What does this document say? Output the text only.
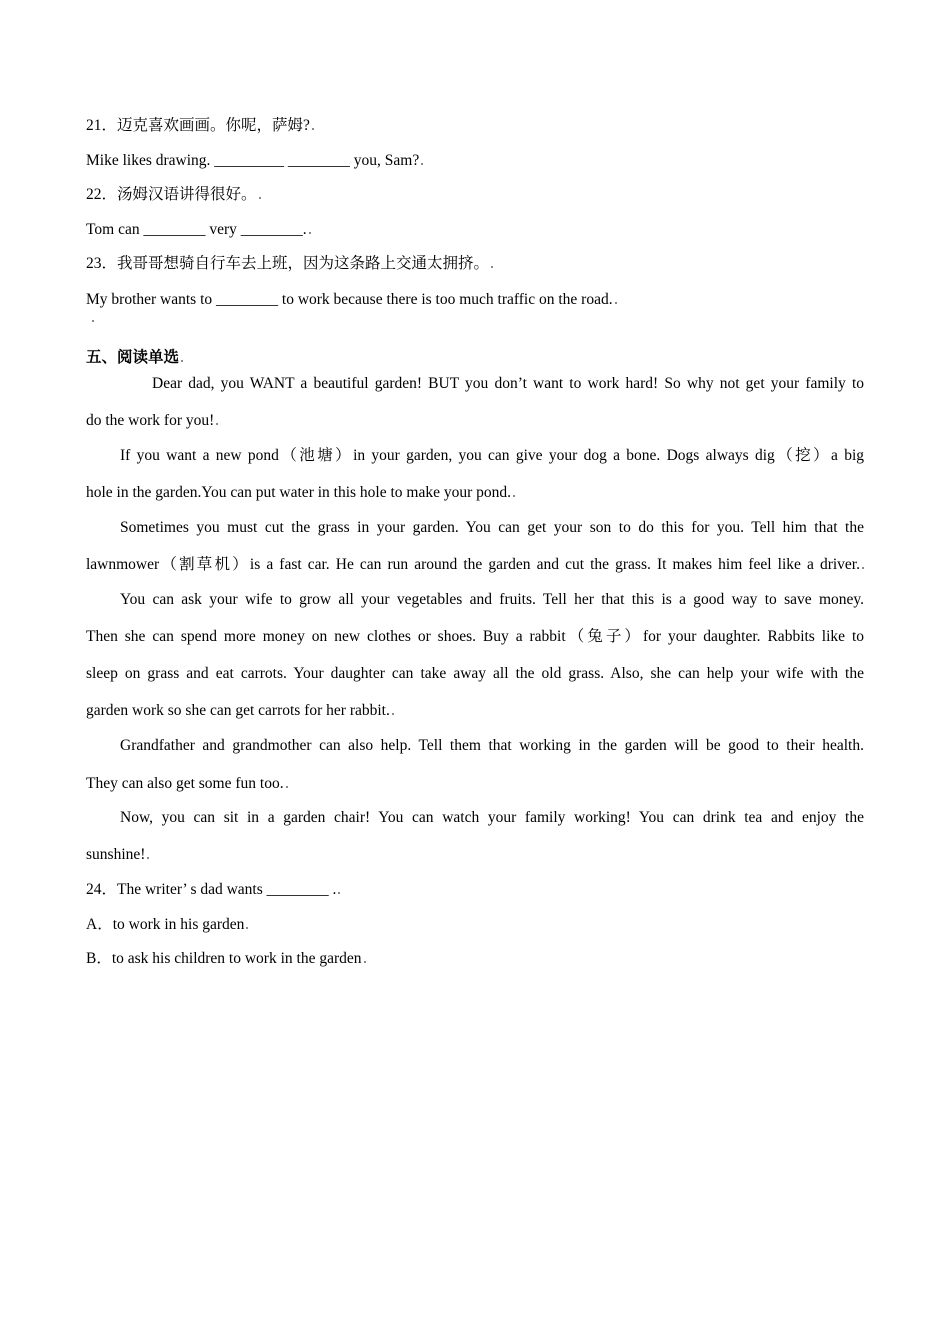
21．迈克喜欢画画。你呢，萨姆?
Mike likes drawing. _________ ________ you, Sam?
22．汤姆汉语讲得很好。
Tom can ________ very ________.
23．我哥哥想骑自行车去上班，因为这条路上交通太拥挤。
My brother wants to ________ to work because there is too much traffic on the road.
五、阅读单选
Dear dad, you WANT a beautiful garden! BUT you don’t want to work hard! So why not get your family to
do the work for you!
If you want a new pond（池塘）in your garden, you can give your dog a bone. Dogs always dig（挖）a big
hole in the garden.You can put water in this hole to make your pond.
Sometimes you must cut the grass in your garden. You can get your son to do this for you. Tell him that the
lawnmower（割草机）is a fast car. He can run around the garden and cut the grass. It makes him feel like a driver.
You can ask your wife to grow all your vegetables and fruits. Tell her that this is a good way to save money.
Then she can spend more money on new clothes or shoes. Buy a rabbit（兔子）for your daughter. Rabbits like to
sleep on grass and eat carrots. Your daughter can take away all the old grass. Also, she can help your wife with the
garden work so she can get carrots for her rabbit.
Grandfather and grandmother can also help. Tell them that working in the garden will be good to their health.
They can also get some fun too.
Now, you can sit in a garden chair! You can watch your family working! You can drink tea and enjoy the
sunshine!
24．The writer’ s dad wants ________ .
A．to work in his garden
B．to ask his children to work in the garden
